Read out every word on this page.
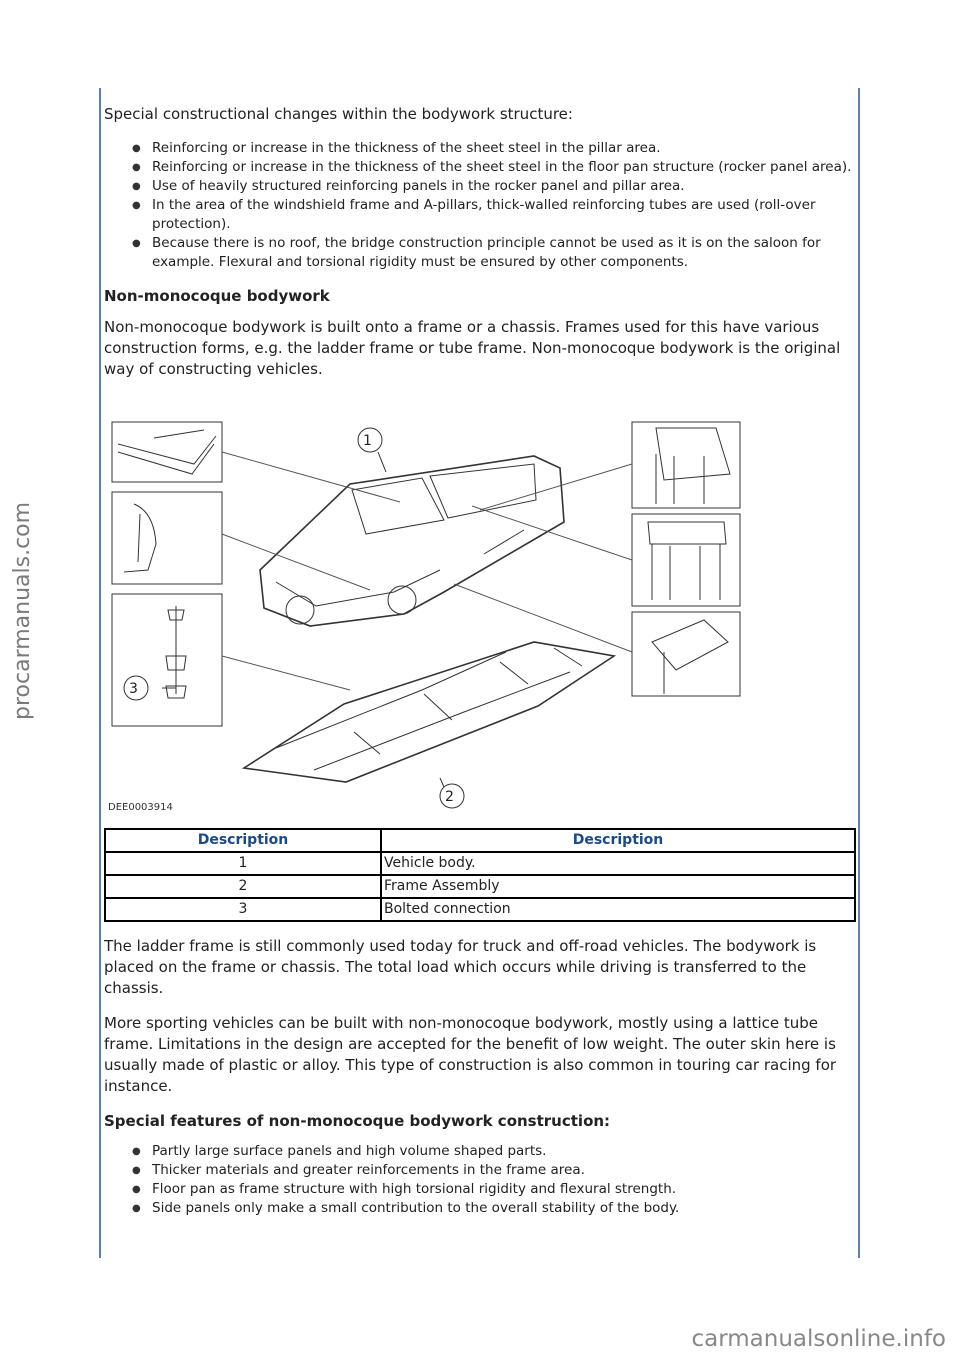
Special constructional changes within the bodywork structure:

● Reinforcing or increase in the thickness of the sheet steel in the pillar area.
● Reinforcing or increase in the thickness of the sheet steel in the floor pan structure (rocker panel area).
● Use of heavily structured reinforcing panels in the rocker panel and pillar area.
● In the area of the windshield frame and A-pillars, thick-walled reinforcing tubes are used (roll-over protection).
● Because there is no roof, the bridge construction principle cannot be used as it is on the saloon for example. Flexural and torsional rigidity must be ensured by other components.
Non-monocoque bodywork

Non-monocoque bodywork is built onto a frame or a chassis. Frames used for this have various construction forms, e.g. the ladder frame or tube frame. Non-monocoque bodywork is the original way of constructing vehicles.

1
2
3
DEE0003914
Description	Description
1	Vehicle body.
2	Frame Assembly
3	Bolted connection

The ladder frame is still commonly used today for truck and off-road vehicles. The bodywork is placed on the frame or chassis. The total load which occurs while driving is transferred to the chassis.

More sporting vehicles can be built with non-monocoque bodywork, mostly using a lattice tube frame. Limitations in the design are accepted for the benefit of low weight. The outer skin here is usually made of plastic or alloy. This type of construction is also common in touring car racing for instance.

Special features of non-monocoque bodywork construction:
● Partly large surface panels and high volume shaped parts.
● Thicker materials and greater reinforcements in the frame area.
● Floor pan as frame structure with high torsional rigidity and flexural strength.
● Side panels only make a small contribution to the overall stability of the body.
procarmanuals.com
carmanualsonline.info
